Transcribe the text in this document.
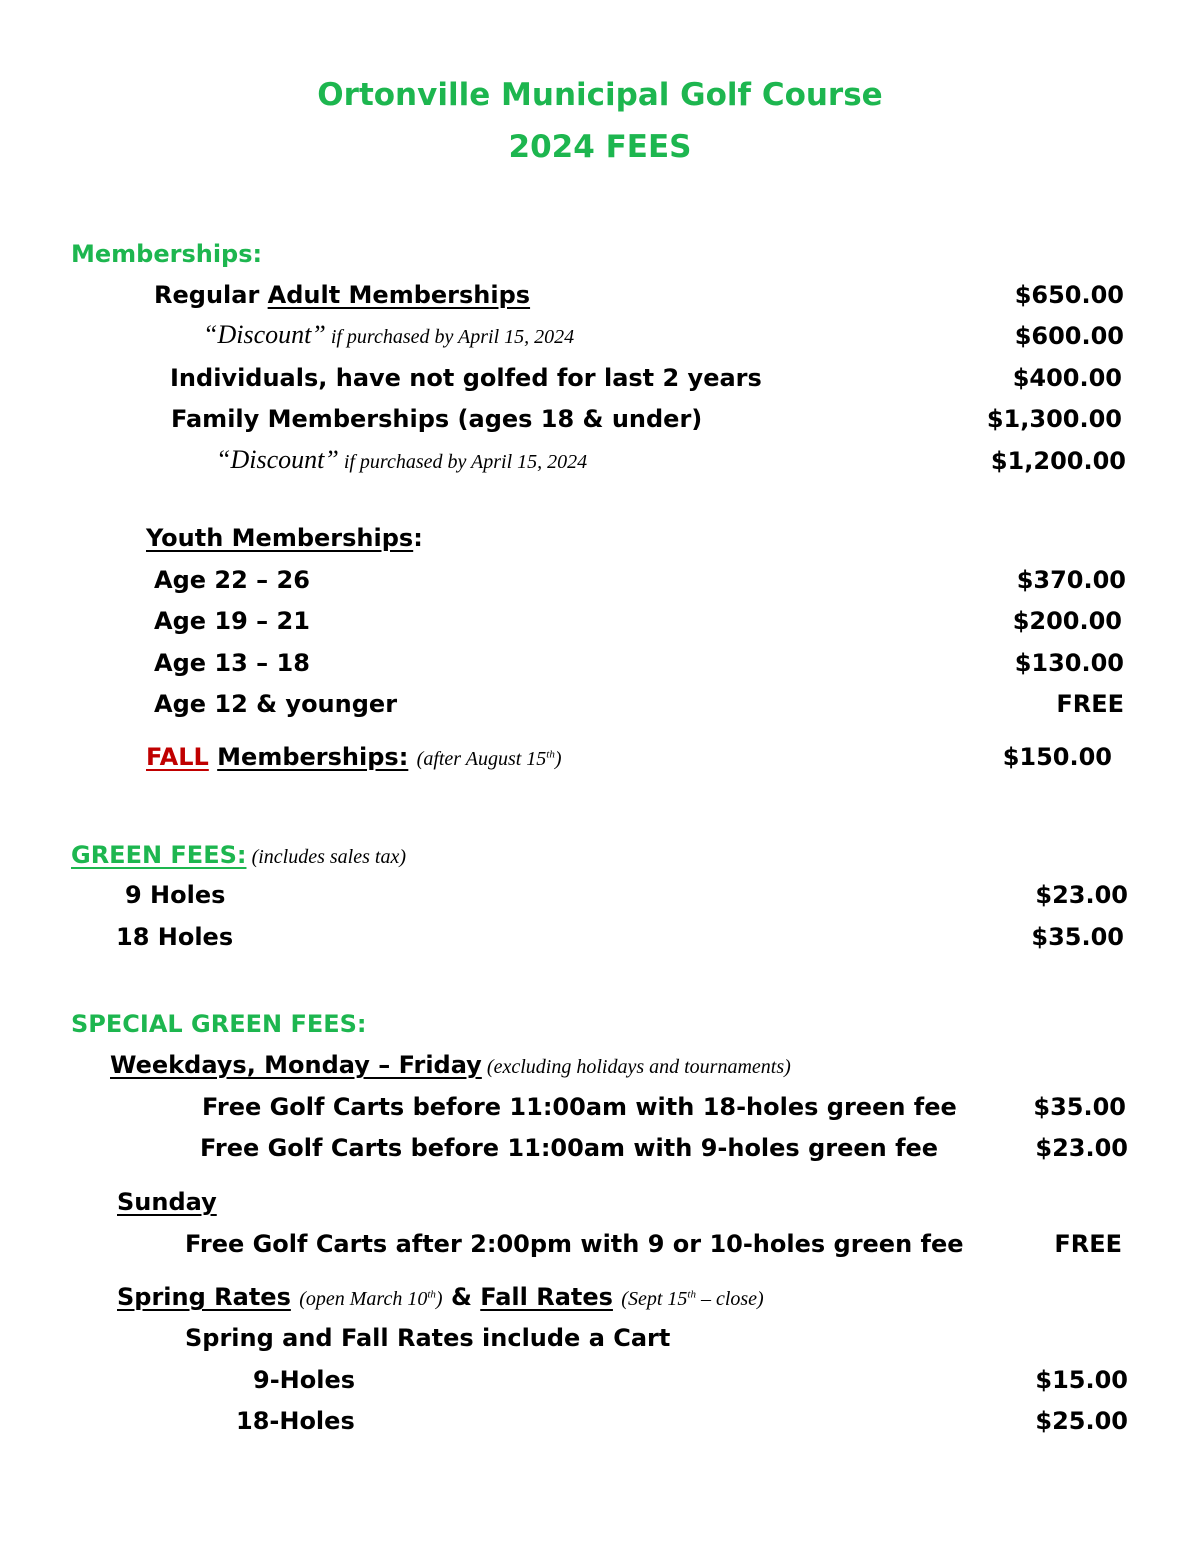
Ortonville Municipal Golf Course
2024 FEES
Memberships:
Regular Adult Memberships	$650.00
“Discount” if purchased by April 15, 2024	$600.00
Individuals, have not golfed for last 2 years	$400.00
Family Memberships (ages 18 & under)	$1,300.00
“Discount” if purchased by April 15, 2024	$1,200.00
Youth Memberships:
Age 22 – 26	$370.00
Age 19 – 21	$200.00
Age 13 – 18	$130.00
Age 12 & younger	FREE
FALL Memberships: (after August 15th)	$150.00
GREEN FEES: (includes sales tax)
9 Holes	$23.00
18 Holes	$35.00
SPECIAL GREEN FEES:
Weekdays, Monday – Friday (excluding holidays and tournaments)
Free Golf Carts before 11:00am with 18-holes green fee	$35.00
Free Golf Carts before 11:00am with 9-holes green fee	$23.00
Sunday
Free Golf Carts after 2:00pm with 9 or 10-holes green fee	FREE
Spring Rates (open March 10th) & Fall Rates (Sept 15th – close)
Spring and Fall Rates include a Cart
9-Holes	$15.00
18-Holes	$25.00
